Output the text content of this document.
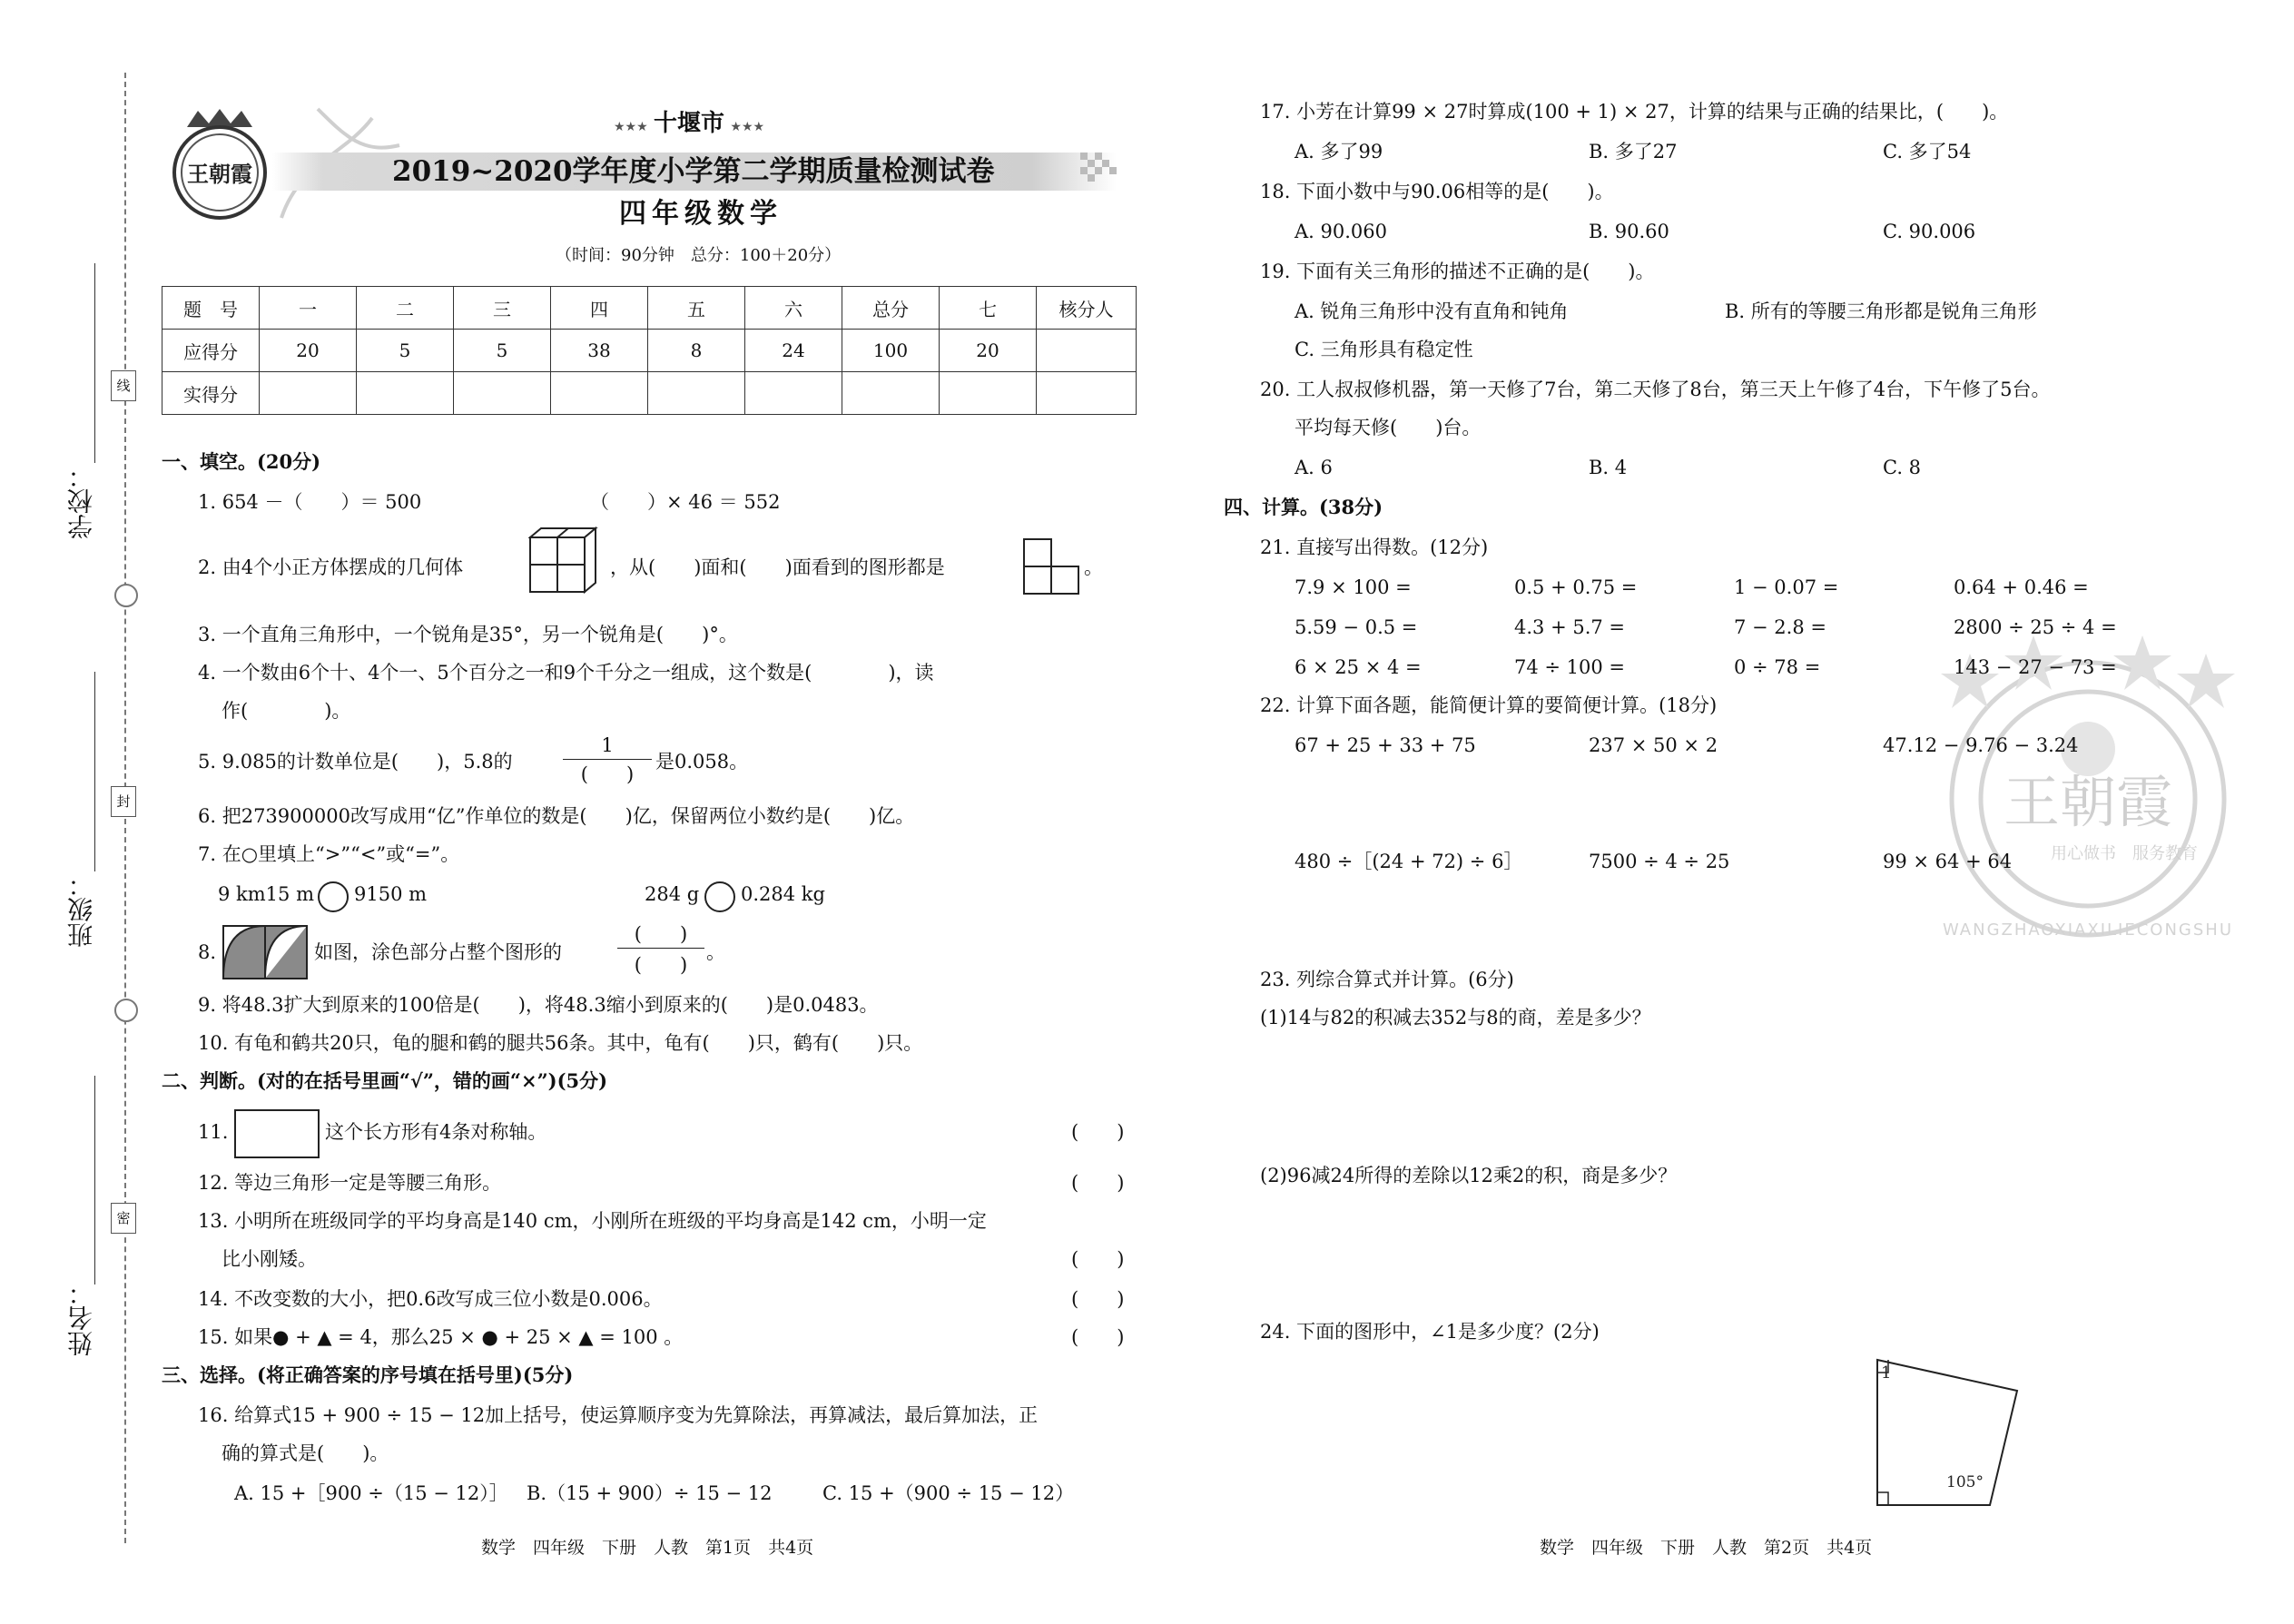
线
封
密
学校：
班级：
姓名：
王朝霞
★★★ 十堰市 ★★★
2019~2020学年度小学第二学期质量检测试卷
四年级数学
（时间：90分钟　总分：100＋20分）
题　号	一	二	三	四	五	六	总分	七	核分人
应得分	20	5	5	38	8	24	100	20	
实得分									
一、填空。(20分)
1. 654 －（　　）＝ 500	（　　）× 46 ＝ 552
2. 由4个小正方体摆成的几何体	，从(　　)面和(　　)面看到的图形都是	。
3. 一个直角三角形中，一个锐角是35°，另一个锐角是(　　)°。
4. 一个数由6个十、4个一、5个百分之一和9个千分之一组成，这个数是(　　　　)，读
作(　　　　)。
5. 9.085的计数单位是(　　)，5.8的
1
(　　)
是0.058。
6. 把273900000改写成用“亿”作单位的数是(　　)亿，保留两位小数约是(　　)亿。
7. 在○里填上“>”“<”或“=”。
9 km15 m 9150 m	284 g 0.284 kg
8.	如图，涂色部分占整个图形的
(　　)
(　　)
。
9. 将48.3扩大到原来的100倍是(　　)，将48.3缩小到原来的(　　)是0.0483。
10. 有龟和鹤共20只，龟的腿和鹤的腿共56条。其中，龟有(　　)只，鹤有(　　)只。
二、判断。(对的在括号里画“√”，错的画“×”)(5分)
11.	这个长方形有4条对称轴。	(　　)
12. 等边三角形一定是等腰三角形。	(　　)
13. 小明所在班级同学的平均身高是140 cm，小刚所在班级的平均身高是142 cm，小明一定
比小刚矮。	(　　)
14. 不改变数的大小，把0.6改写成三位小数是0.006。	(　　)
15. 如果● + ▲ = 4，那么25 × ● + 25 × ▲ = 100 。	(　　)
三、选择。(将正确答案的序号填在括号里)(5分)
16. 给算式15 + 900 ÷ 15 − 12加上括号，使运算顺序变为先算除法，再算减法，最后算加法，正
确的算式是(　　)。
A. 15 +［900 ÷（15 − 12）］ B.（15 + 900）÷ 15 − 12	C. 15 +（900 ÷ 15 − 12）
数学　四年级　下册　人教　第1页　共4页
王朝霞
用心做书　服务教育
WANGZHAOXIAXILIECONGSHU
17. 小芳在计算99 × 27时算成(100 + 1) × 27，计算的结果与正确的结果比，(　　)。
A. 多了99	B. 多了27	C. 多了54
18. 下面小数中与90.06相等的是(　　)。
A. 90.060	B. 90.60	C. 90.006
19. 下面有关三角形的描述不正确的是(　　)。
A. 锐角三角形中没有直角和钝角	B. 所有的等腰三角形都是锐角三角形
C. 三角形具有稳定性
20. 工人叔叔修机器，第一天修了7台，第二天修了8台，第三天上午修了4台，下午修了5台。
平均每天修(　　)台。
A. 6	B. 4	C. 8
四、计算。(38分)
21. 直接写出得数。(12分)
7.9 × 100 =	0.5 + 0.75 =	1 − 0.07 =	0.64 + 0.46 =
5.59 − 0.5 =	4.3 + 5.7 =	7 − 2.8 =	2800 ÷ 25 ÷ 4 =
6 × 25 × 4 =	74 ÷ 100 =	0 ÷ 78 =	143 − 27 − 73 =
22. 计算下面各题，能简便计算的要简便计算。(18分)
67 + 25 + 33 + 75	237 × 50 × 2	47.12 − 9.76 − 3.24
480 ÷［(24 + 72) ÷ 6］	7500 ÷ 4 ÷ 25	99 × 64 + 64
23. 列综合算式并计算。(6分)
(1)14与82的积减去352与8的商，差是多少？
(2)96减24所得的差除以12乘2的积，商是多少？
24. 下面的图形中，∠1是多少度？(2分)
1
105°
数学　四年级　下册　人教　第2页　共4页
